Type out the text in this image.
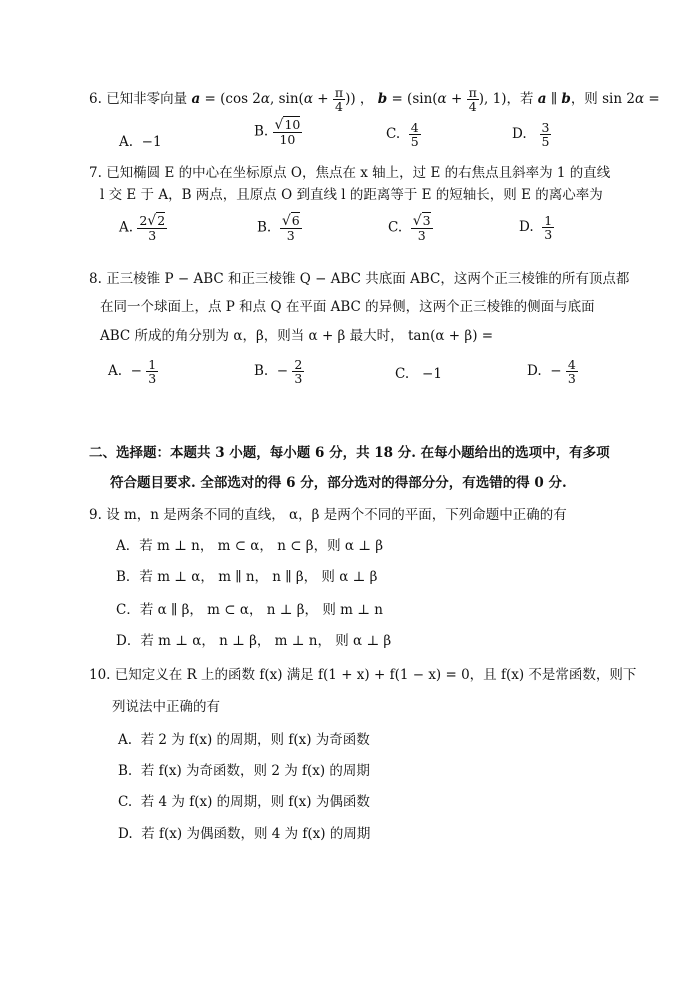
6. 已知非零向量 a = (cos 2α, $\sin(\alpha + \frac{\pi}{4}$ )) ， $b = (\sin(\alpha + \frac{\pi}{4}$ ), 1)，若 a ∥ b，则 sin 2α =
A. −1
B. $\frac{√10}{10}$	C. $\frac{4}{5}$	D. $\frac{3}{5}$
7. 已知椭圆 E 的中心在坐标原点 O，焦点在 x 轴上，过 E 的右焦点且斜率为 1 的直线
l 交 E 于 A，B 两点，且原点 O 到直线 l 的距离等于 E 的短轴长，则 E 的离心率为
A. $\frac{2√2}{3}$	B. $\frac{√6}{3}$	C. $\frac{√3}{3}$	D. $\frac{1}{3}$
8. 正三棱锥 P − ABC 和正三棱锥 Q − ABC 共底面 ABC，这两个正三棱锥的所有顶点都
在同一个球面上，点 P 和点 Q 在平面 ABC 的异侧，这两个正三棱锥的侧面与底面
ABC 所成的角分别为 α，β，则当 α + β 最大时， tan(α + β) =
A.  − $\frac{1}{3}$	B.  − $\frac{2}{3}$	C. −1	D.  − $\frac{4}{3}$
二、选择题：本题共 3 小题，每小题 6 分，共 18 分. 在每小题给出的选项中，有多项
符合题目要求. 全部选对的得 6 分，部分选对的得部分分，有选错的得 0 分.
9. 设 m，n 是两条不同的直线， α，β 是两个不同的平面，下列命题中正确的有
A．若 m ⊥ n， m ⊂ α， n ⊂ β，则 α ⊥ β
B．若 m ⊥ α， m ∥ n， n ∥ β， 则 α ⊥ β
C．若 α ∥ β， m ⊂ α， n ⊥ β， 则 m ⊥ n
D．若 m ⊥ α， n ⊥ β， m ⊥ n， 则 α ⊥ β
10. 已知定义在 R 上的函数 f(x) 满足 f(1 + x) + f(1 − x) = 0，且 f(x) 不是常函数，则下
列说法中正确的有
A. 若 2 为 f(x) 的周期，则 f(x) 为奇函数
B. 若 f(x) 为奇函数，则 2 为 f(x) 的周期
C. 若 4 为 f(x) 的周期，则 f(x) 为偶函数
D. 若 f(x) 为偶函数，则 4 为 f(x) 的周期
